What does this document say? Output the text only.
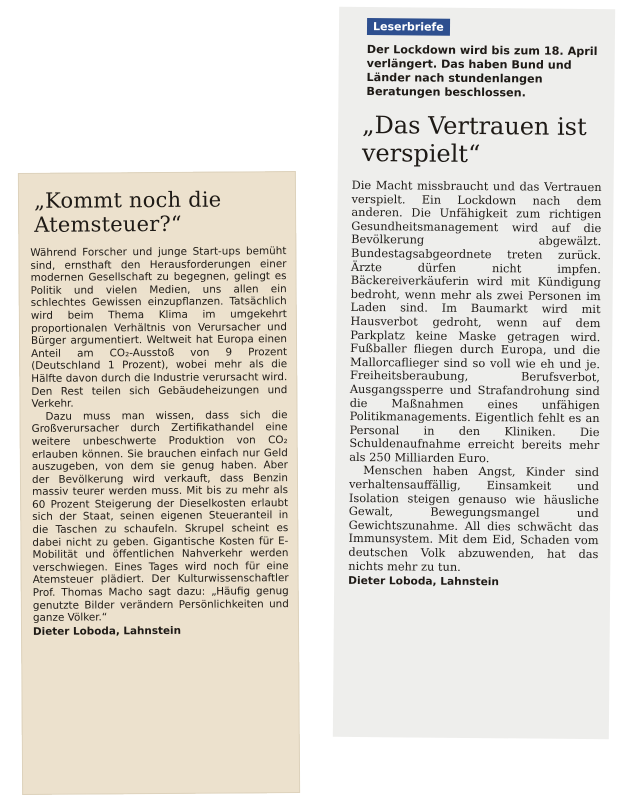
„Kommt noch die Atemsteuer?“

Während Forscher und junge Start-ups bemüht sind, ernsthaft den Herausforderungen einer modernen Gesellschaft zu begegnen, gelingt es Politik und vielen Medien, uns allen ein schlechtes Gewissen einzupflanzen. Tatsächlich wird beim Thema Klima im umgekehrt proportionalen Verhältnis von Verursacher und Bürger argumentiert. Weltweit hat Europa einen Anteil am CO₂-Ausstoß von 9 Prozent (Deutschland 1 Prozent), wobei mehr als die Hälfte davon durch die Industrie verursacht wird. Den Rest teilen sich Gebäudeheizungen und Verkehr.

Dazu muss man wissen, dass sich die Großverursacher durch Zertifikathandel eine weitere unbeschwerte Produktion von CO₂ erlauben können. Sie brauchen einfach nur Geld auszugeben, von dem sie genug haben. Aber der Bevölkerung wird verkauft, dass Benzin massiv teurer werden muss. Mit bis zu mehr als 60 Prozent Steigerung der Dieselkosten erlaubt sich der Staat, seinen eigenen Steueranteil in die Taschen zu schaufeln. Skrupel scheint es dabei nicht zu geben. Gigantische Kosten für E-Mobilität und öffentlichen Nahverkehr werden verschwiegen. Eines Tages wird noch für eine Atemsteuer plädiert. Der Kulturwissenschaftler Prof. Thomas Macho sagt dazu: „Häufig genug genutzte Bilder verändern Persönlichkeiten und ganze Völker.“

Dieter Loboda, Lahnstein
Leserbriefe
Der Lockdown wird bis zum 18. April verlängert. Das haben Bund und Länder nach stundenlangen Beratungen beschlossen.
„Das Vertrauen ist verspielt“

Die Macht missbraucht und das Vertrauen verspielt. Ein Lockdown nach dem anderen. Die Unfähigkeit zum richtigen Gesundheitsmanagement wird auf die Bevölkerung abgewälzt. Bundestagsabgeordnete treten zurück. Ärzte dürfen nicht impfen. Bäckereiverkäuferin wird mit Kündigung bedroht, wenn mehr als zwei Personen im Laden sind. Im Baumarkt wird mit Hausverbot gedroht, wenn auf dem Parkplatz keine Maske getragen wird. Fußballer fliegen durch Europa, und die Mallorcaflieger sind so voll wie eh und je. Freiheitsberaubung, Berufsverbot, Ausgangssperre und Strafandrohung sind die Maßnahmen eines unfähigen Politikmanagements. Eigentlich fehlt es an Personal in den Kliniken. Die Schuldenaufnahme erreicht bereits mehr als 250 Milliarden Euro.

Menschen haben Angst, Kinder sind verhaltensauffällig, Einsamkeit und Isolation steigen genauso wie häusliche Gewalt, Bewegungsmangel und Gewichtszunahme. All dies schwächt das Immunsystem. Mit dem Eid, Schaden vom deutschen Volk abzuwenden, hat das nichts mehr zu tun.

Dieter Loboda, Lahnstein
